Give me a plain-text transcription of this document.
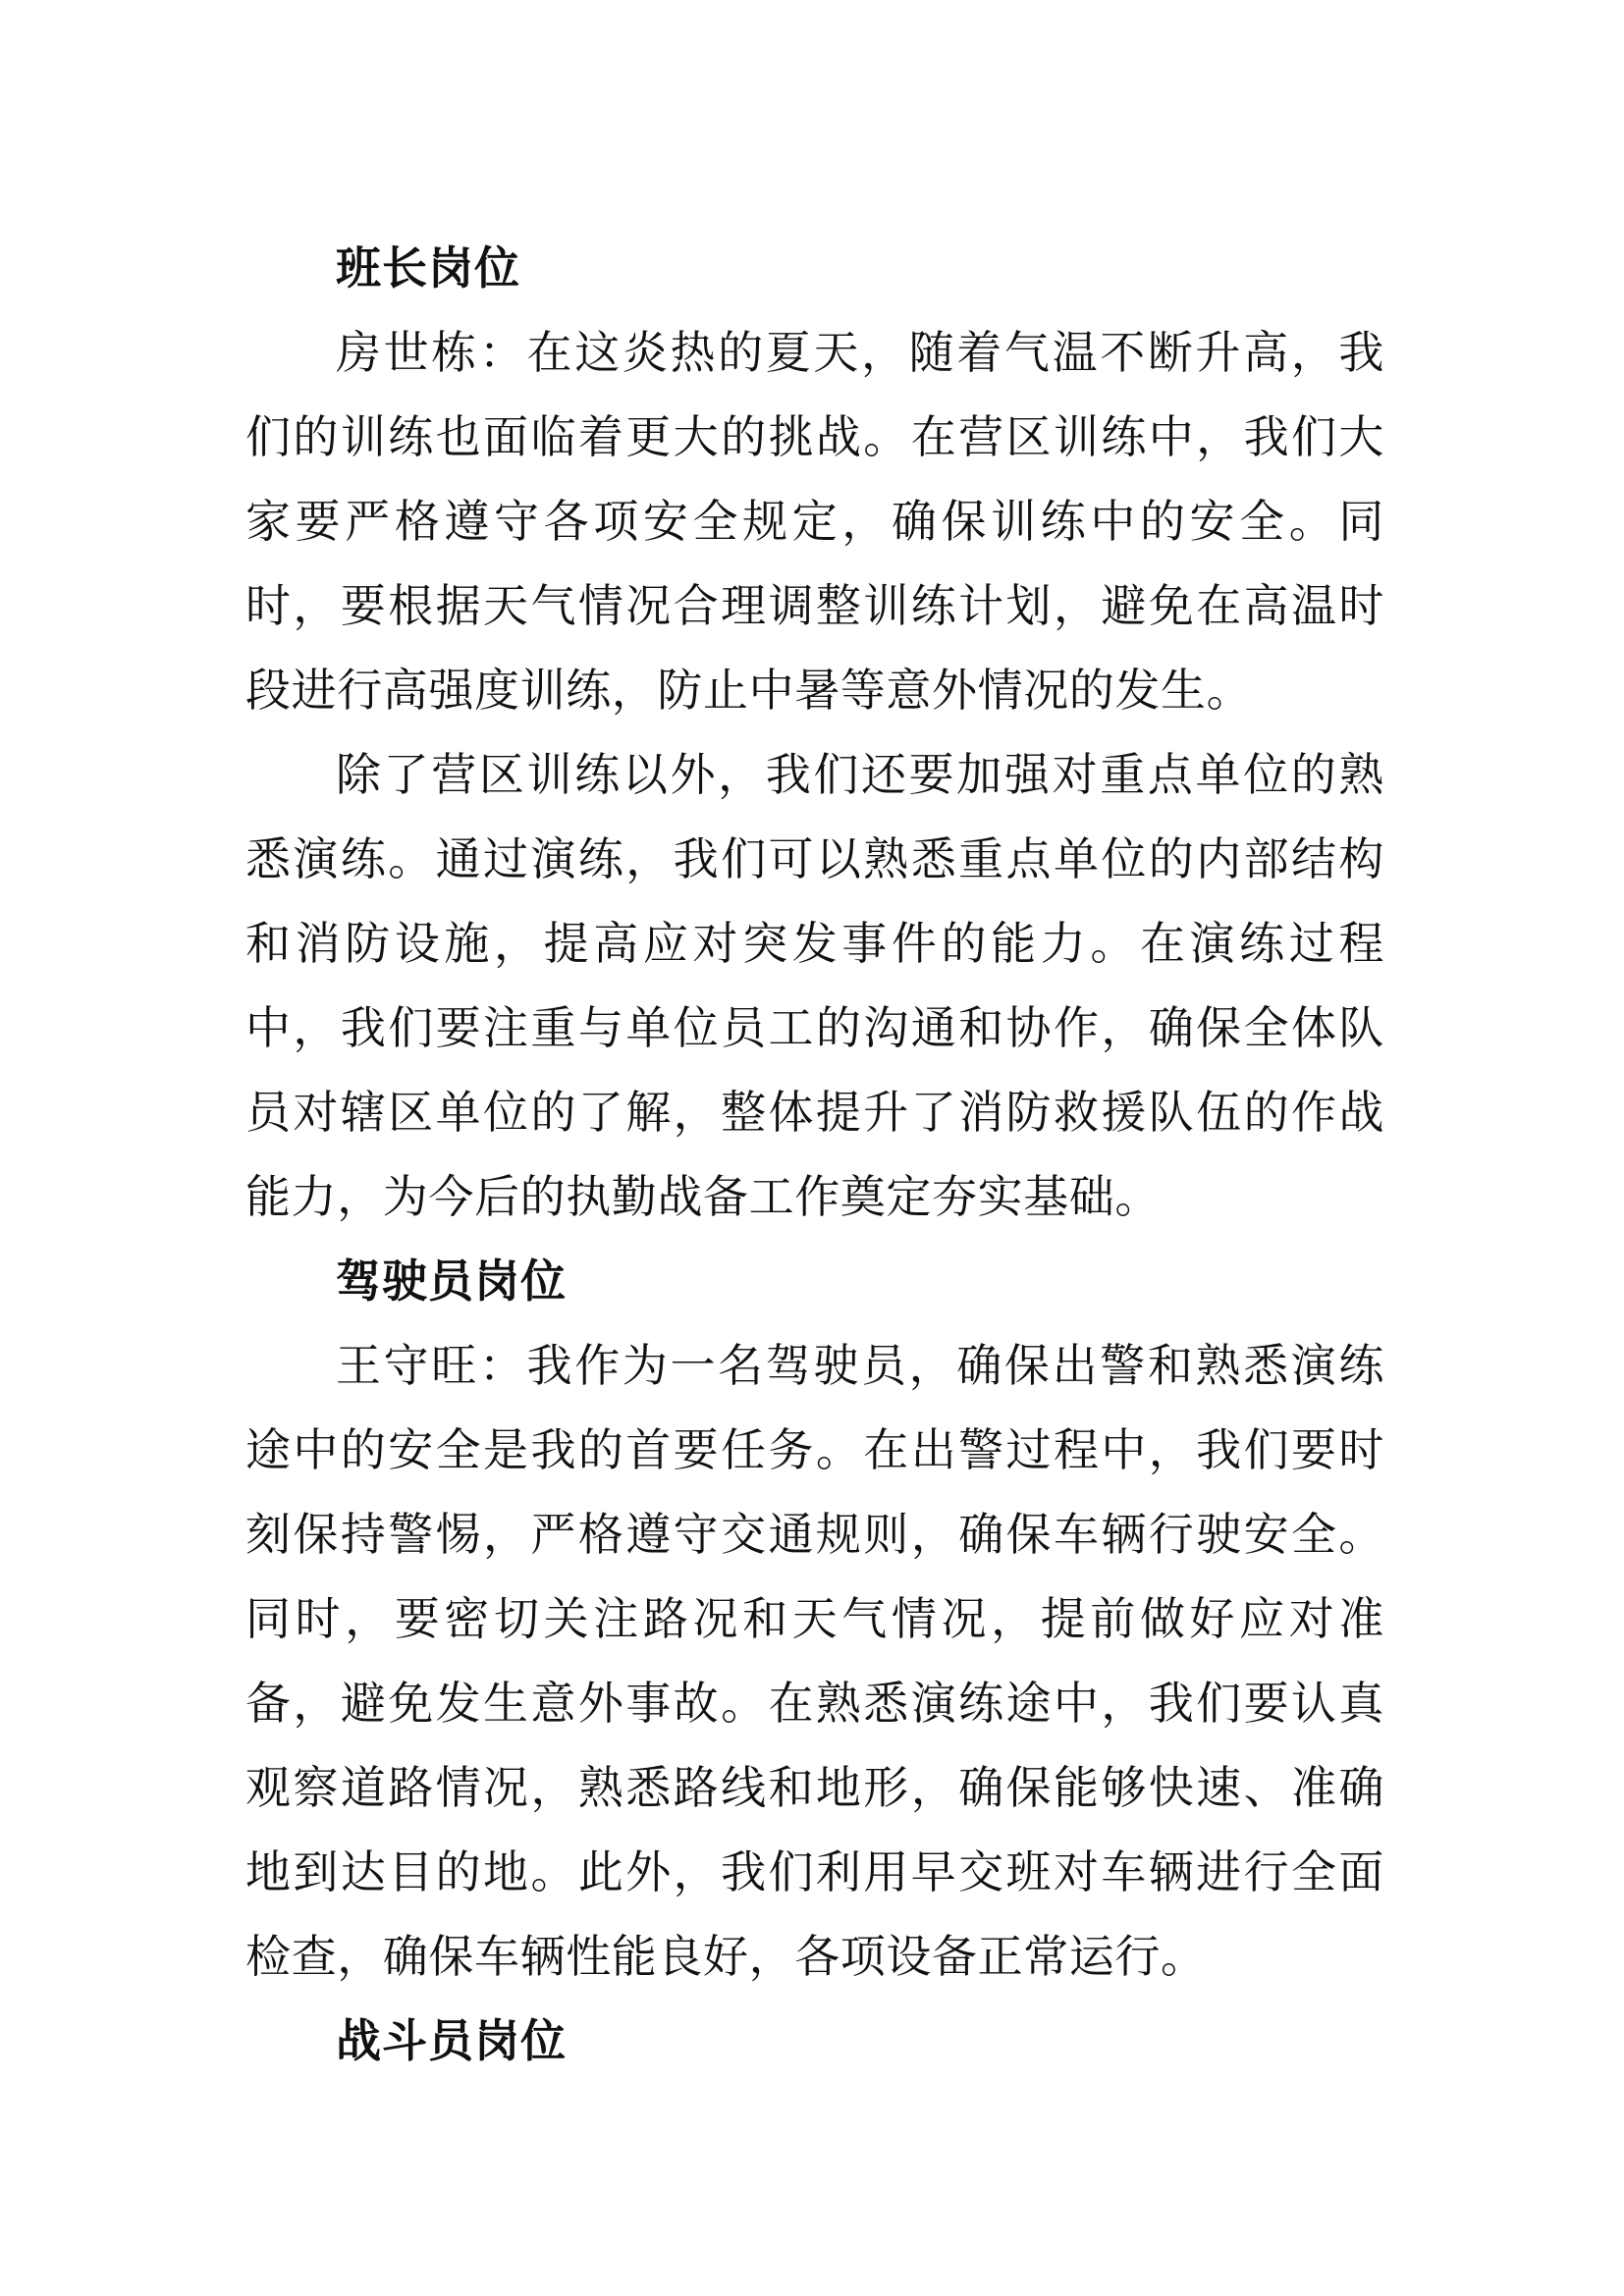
班长岗位

房世栋：在这炎热的夏天，随着气温不断升高，我们的训练也面临着更大的挑战。在营区训练中，我们大家要严格遵守各项安全规定，确保训练中的安全。同时，要根据天气情况合理调整训练计划，避免在高温时段进行高强度训练，防止中暑等意外情况的发生。

除了营区训练以外，我们还要加强对重点单位的熟悉演练。通过演练，我们可以熟悉重点单位的内部结构和消防设施，提高应对突发事件的能力。在演练过程中，我们要注重与单位员工的沟通和协作，确保全体队员对辖区单位的了解，整体提升了消防救援队伍的作战能力，为今后的执勤战备工作奠定夯实基础。

驾驶员岗位

王守旺：我作为一名驾驶员，确保出警和熟悉演练途中的安全是我的首要任务。在出警过程中，我们要时刻保持警惕，严格遵守交通规则，确保车辆行驶安全。同时，要密切关注路况和天气情况，提前做好应对准备，避免发生意外事故。在熟悉演练途中，我们要认真观察道路情况，熟悉路线和地形，确保能够快速、准确地到达目的地。此外，我们利用早交班对车辆进行全面检查，确保车辆性能良好，各项设备正常运行。

战斗员岗位
